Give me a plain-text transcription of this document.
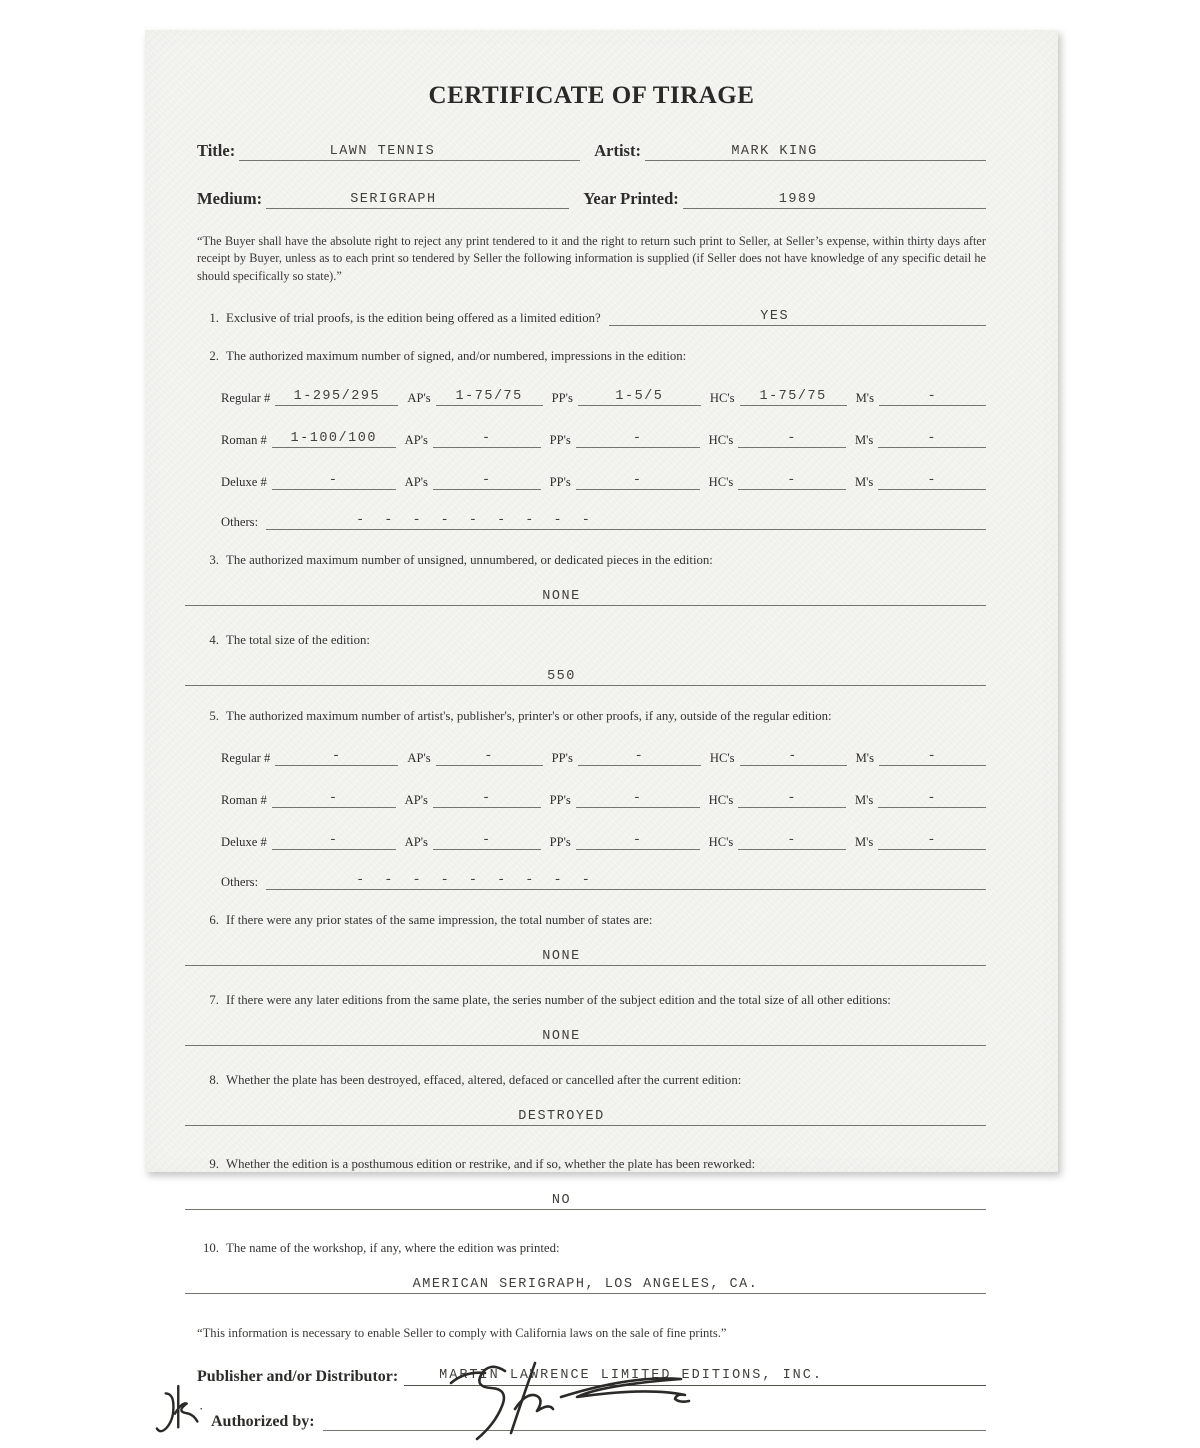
CERTIFICATE OF TIRAGE
Title:	LAWN TENNIS	Artist:	MARK KING
Medium:	SERIGRAPH	Year Printed:	1989

“The Buyer shall have the absolute right to reject any print tendered to it and the right to return such print to Seller, at Seller’s expense, within thirty days after receipt by Buyer, unless as to each print so tendered by Seller the following information is supplied (if Seller does not have knowledge of any specific detail he should specifically so state).”

1. Exclusive of trial proofs, is the edition being offered as a limited edition?	YES
2. The authorized maximum number of signed, and/or numbered, impressions in the edition:
Regular # 1-295/295 AP's 1-75/75 PP's	1-5/5	HC's 1-75/75 M's	-
Roman # 1-100/100 AP's	-	PP's	-	HC's	-	M's	-
Deluxe #	-	AP's	-	PP's	-	HC's	-	M's	-
Others:	- - - - - - - - -
3. The authorized maximum number of unsigned, unnumbered, or dedicated pieces in the edition:
NONE
4. The total size of the edition:
550
5. The authorized maximum number of artist's, publisher's, printer's or other proofs, if any, outside of the regular edition:
Regular #	-	AP's	-	PP's	-	HC's	-	M's	-
Roman #	-	AP's	-	PP's	-	HC's	-	M's	-
Deluxe #	-	AP's	-	PP's	-	HC's	-	M's	-
Others:	- - - - - - - - -
6. If there were any prior states of the same impression, the total number of states are:
NONE
7. If there were any later editions from the same plate, the series number of the subject edition and the total size of all other editions:
NONE
8. Whether the plate has been destroyed, effaced, altered, defaced or cancelled after the current edition:
DESTROYED
9. Whether the edition is a posthumous edition or restrike, and if so, whether the plate has been reworked:
NO
10. The name of the workshop, if any, where the edition was printed:
AMERICAN SERIGRAPH, LOS ANGELES, CA.

“This information is necessary to enable Seller to comply with California laws on the sale of fine prints.”

Publisher and/or Distributor:	MARTIN LAWRENCE LIMITED EDITIONS, INC.
·
Authorized by:
